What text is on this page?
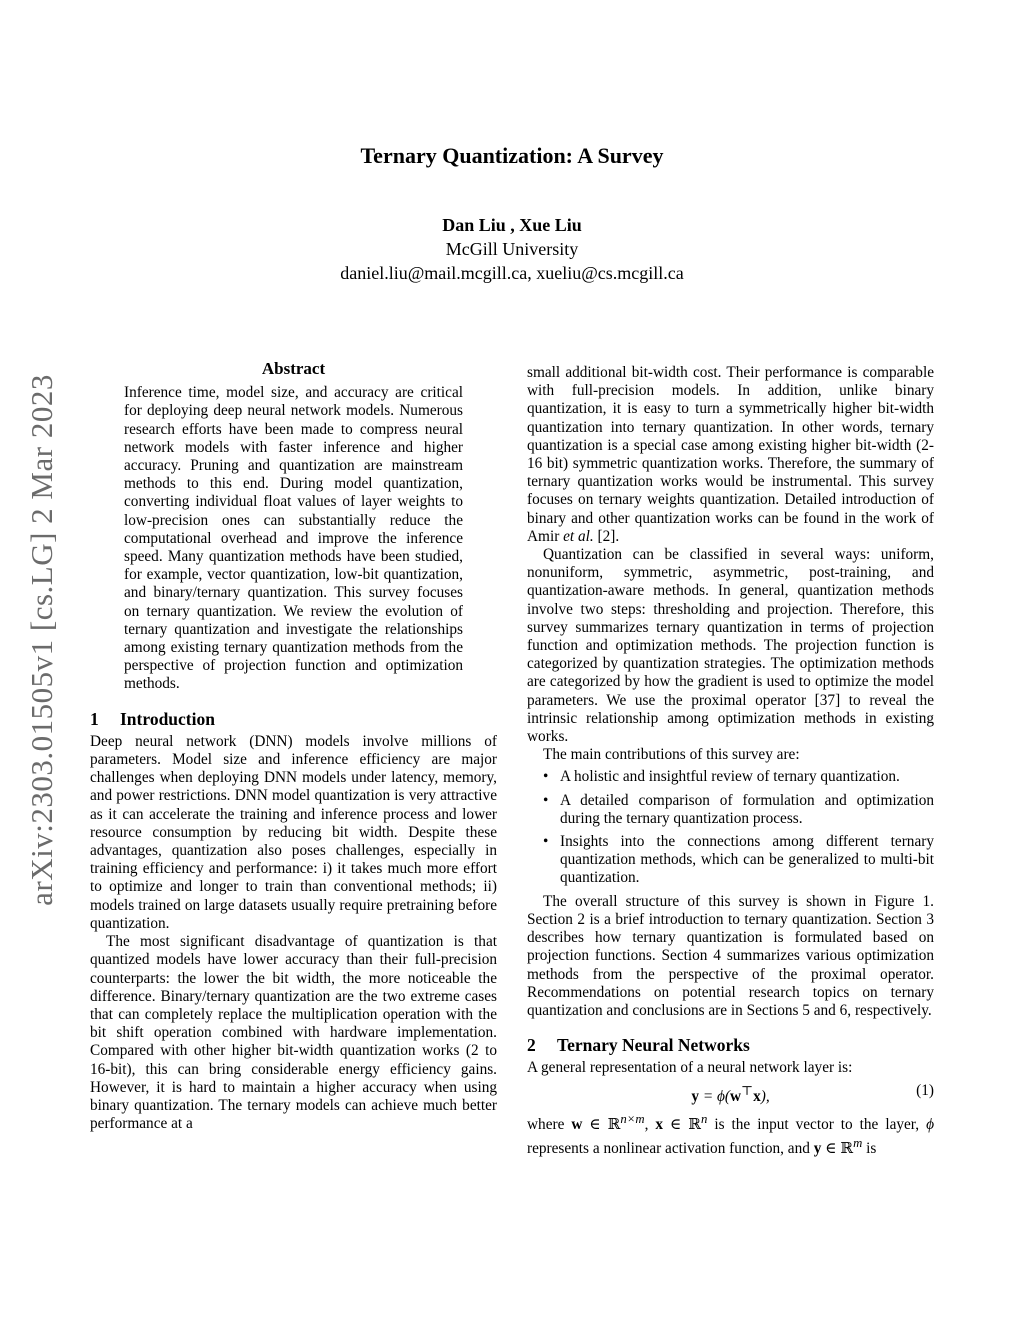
arXiv:2303.01505v1 [cs.LG] 2 Mar 2023
Ternary Quantization: A Survey
Dan Liu , Xue Liu
McGill University
daniel.liu@mail.mcgill.ca, xueliu@cs.mcgill.ca
Abstract

Inference time, model size, and accuracy are critical for deploying deep neural network models. Numerous research efforts have been made to compress neural network models with faster inference and higher accuracy. Pruning and quantization are mainstream methods to this end. During model quantization, converting individual float values of layer weights to low-precision ones can substantially reduce the computational overhead and improve the inference speed. Many quantization methods have been studied, for example, vector quantization, low-bit quantization, and binary/ternary quantization. This survey focuses on ternary quantization. We review the evolution of ternary quantization and investigate the relationships among existing ternary quantization methods from the perspective of projection function and optimization methods.

1 Introduction

Deep neural network (DNN) models involve millions of parameters. Model size and inference efficiency are major challenges when deploying DNN models under latency, memory, and power restrictions. DNN model quantization is very attractive as it can accelerate the training and inference process and lower resource consumption by reducing bit width. Despite these advantages, quantization also poses challenges, especially in training efficiency and performance: i) it takes much more effort to optimize and longer to train than conventional methods; ii) models trained on large datasets usually require pretraining before quantization.

The most significant disadvantage of quantization is that quantized models have lower accuracy than their full-precision counterparts: the lower the bit width, the more noticeable the difference. Binary/ternary quantization are the two extreme cases that can completely replace the multiplication operation with the bit shift operation combined with hardware implementation. Compared with other higher bit-width quantization works (2 to 16-bit), this can bring considerable energy efficiency gains. However, it is hard to maintain a higher accuracy when using binary quantization. The ternary models can achieve much better performance at a

small additional bit-width cost. Their performance is comparable with full-precision models. In addition, unlike binary quantization, it is easy to turn a symmetrically higher bit-width quantization into ternary quantization. In other words, ternary quantization is a special case among existing higher bit-width (2-16 bit) symmetric quantization works. Therefore, the summary of ternary quantization works would be instrumental. This survey focuses on ternary weights quantization. Detailed introduction of binary and other quantization works can be found in the work of Amir et al. [2].

Quantization can be classified in several ways: uniform, nonuniform, symmetric, asymmetric, post-training, and quantization-aware methods. In general, quantization methods involve two steps: thresholding and projection. Therefore, this survey summarizes ternary quantization in terms of projection function and optimization methods. The projection function is categorized by quantization strategies. The optimization methods are categorized by how the gradient is used to optimize the model parameters. We use the proximal operator [37] to reveal the intrinsic relationship among optimization methods in existing works.

The main contributions of this survey are:

• A holistic and insightful review of ternary quantization.
• A detailed comparison of formulation and optimization during the ternary quantization process.
• Insights into the connections among different ternary quantization methods, which can be generalized to multi-bit quantization.

The overall structure of this survey is shown in Figure 1. Section 2 is a brief introduction to ternary quantization. Section 3 describes how ternary quantization is formulated based on projection functions. Section 4 summarizes various optimization methods from the perspective of the proximal operator. Recommendations on potential research topics on ternary quantization and conclusions are in Sections 5 and 6, respectively.

2 Ternary Neural Networks

A general representation of a neural network layer is:

y = ϕ(w⊤x),	(1)

where w ∈ ℝ$^{n\times m}$, x ∈ ℝ$^n$ is the input vector to the layer, ϕ represents a nonlinear activation function, and y ∈ ℝ$^m$ is
